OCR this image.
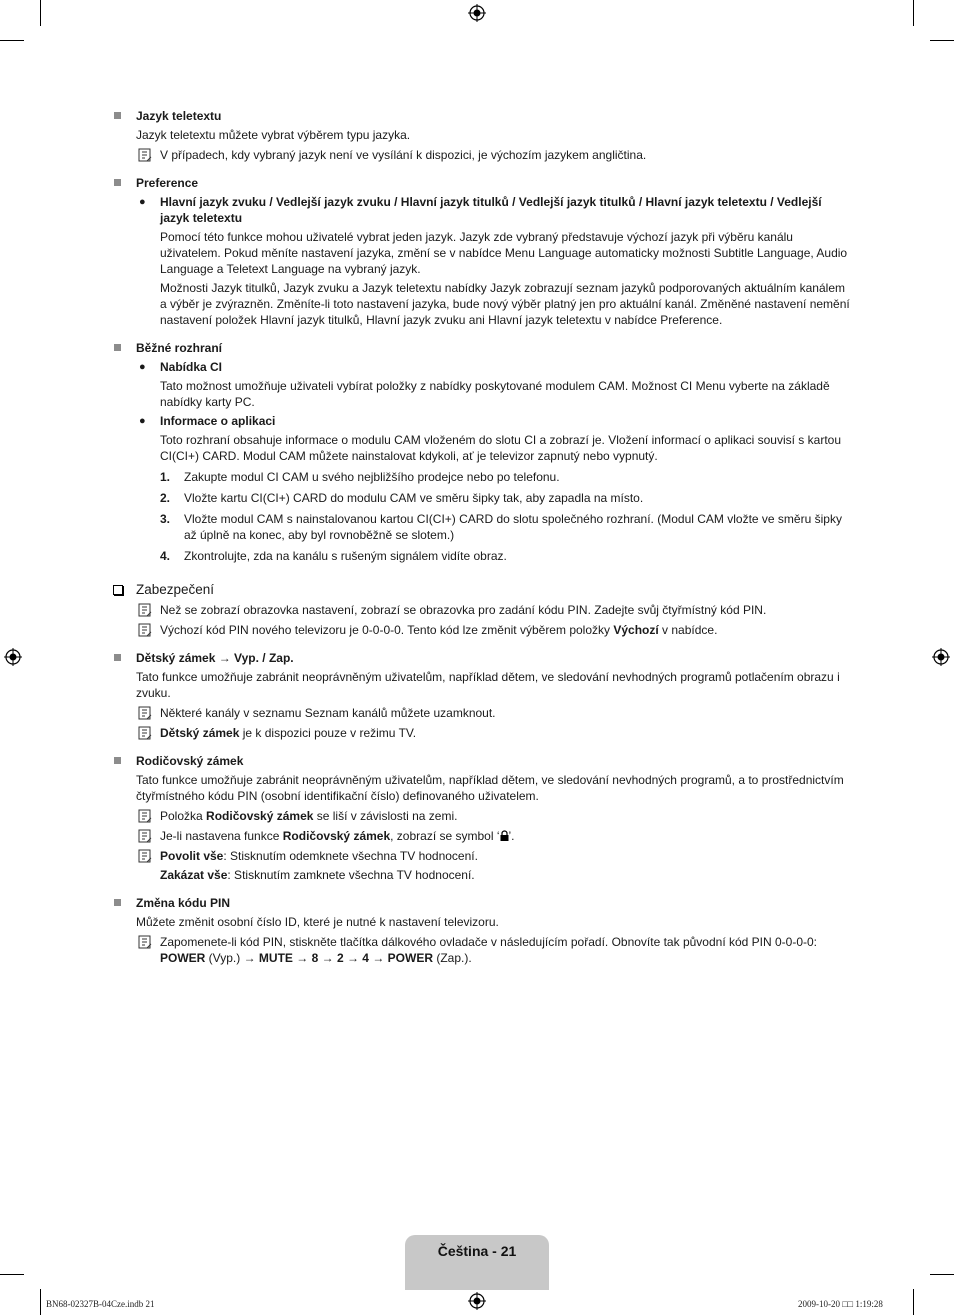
Jazyk teletextu
Jazyk teletextu můžete vybrat výběrem typu jazyka.
V případech, kdy vybraný jazyk není ve vysílání k dispozici, je výchozím jazykem angličtina.
Preference
● Hlavní jazyk zvuku / Vedlejší jazyk zvuku / Hlavní jazyk titulků / Vedlejší jazyk titulků / Hlavní jazyk teletextu / Vedlejší jazyk teletextu
Pomocí této funkce mohou uživatelé vybrat jeden jazyk. Jazyk zde vybraný představuje výchozí jazyk při výběru kanálu uživatelem. Pokud měníte nastavení jazyka, změní se v nabídce Menu Language automaticky možnosti Subtitle Language, Audio Language a Teletext Language na vybraný jazyk.
Možnosti Jazyk titulků, Jazyk zvuku a Jazyk teletextu nabídky Jazyk zobrazují seznam jazyků podporovaných aktuálním kanálem a výběr je zvýrazněn. Změníte-li toto nastavení jazyka, bude nový výběr platný jen pro aktuální kanál. Změněné nastavení nemění nastavení položek Hlavní jazyk titulků, Hlavní jazyk zvuku ani Hlavní jazyk teletextu v nabídce Preference.
Běžné rozhraní
● Nabídka CI
Tato možnost umožňuje uživateli vybírat položky z nabídky poskytované modulem CAM. Možnost CI Menu vyberte na základě nabídky karty PC.
● Informace o aplikaci
Toto rozhraní obsahuje informace o modulu CAM vloženém do slotu CI a zobrazí je. Vložení informací o aplikaci souvisí s kartou CI(CI+) CARD. Modul CAM můžete nainstalovat kdykoli, ať je televizor zapnutý nebo vypnutý.
1. Zakupte modul CI CAM u svého nejbližšího prodejce nebo po telefonu.
2. Vložte kartu CI(CI+) CARD do modulu CAM ve směru šipky tak, aby zapadla na místo.
3. Vložte modul CAM s nainstalovanou kartou CI(CI+) CARD do slotu společného rozhraní. (Modul CAM vložte ve směru šipky až úplně na konec, aby byl rovnoběžně se slotem.)
4. Zkontrolujte, zda na kanálu s rušeným signálem vidíte obraz.
Zabezpečení
Než se zobrazí obrazovka nastavení, zobrazí se obrazovka pro zadání kódu PIN. Zadejte svůj čtyřmístný kód PIN.
Výchozí kód PIN nového televizoru je 0-0-0-0. Tento kód lze změnit výběrem položky Výchozí v nabídce.
Dětský zámek → Vyp. / Zap.
Tato funkce umožňuje zabránit neoprávněným uživatelům, například dětem, ve sledování nevhodných programů potlačením obrazu i zvuku.
Některé kanály v seznamu Seznam kanálů můžete uzamknout.
Dětský zámek je k dispozici pouze v režimu TV.
Rodičovský zámek
Tato funkce umožňuje zabránit neoprávněným uživatelům, například dětem, ve sledování nevhodných programů, a to prostřednictvím čtyřmístného kódu PIN (osobní identifikační číslo) definovaného uživatelem.
Položka Rodičovský zámek se liší v závislosti na zemi.
Je-li nastavena funkce Rodičovský zámek, zobrazí se symbol ‘ ’.
Povolit vše: Stisknutím odemknete všechna TV hodnocení.
Zakázat vše: Stisknutím zamknete všechna TV hodnocení.
Změna kódu PIN
Můžete změnit osobní číslo ID, které je nutné k nastavení televizoru.
Zapomenete-li kód PIN, stiskněte tlačítka dálkového ovladače v následujícím pořadí. Obnovíte tak původní kód PIN 0-0-0-0:
POWER (Vyp.) → MUTE → 8 → 2 → 4 → POWER (Zap.).
Čeština - 21
BN68-02327B-04Cze.indb 21	2009-10-20 □□ 1:19:28
